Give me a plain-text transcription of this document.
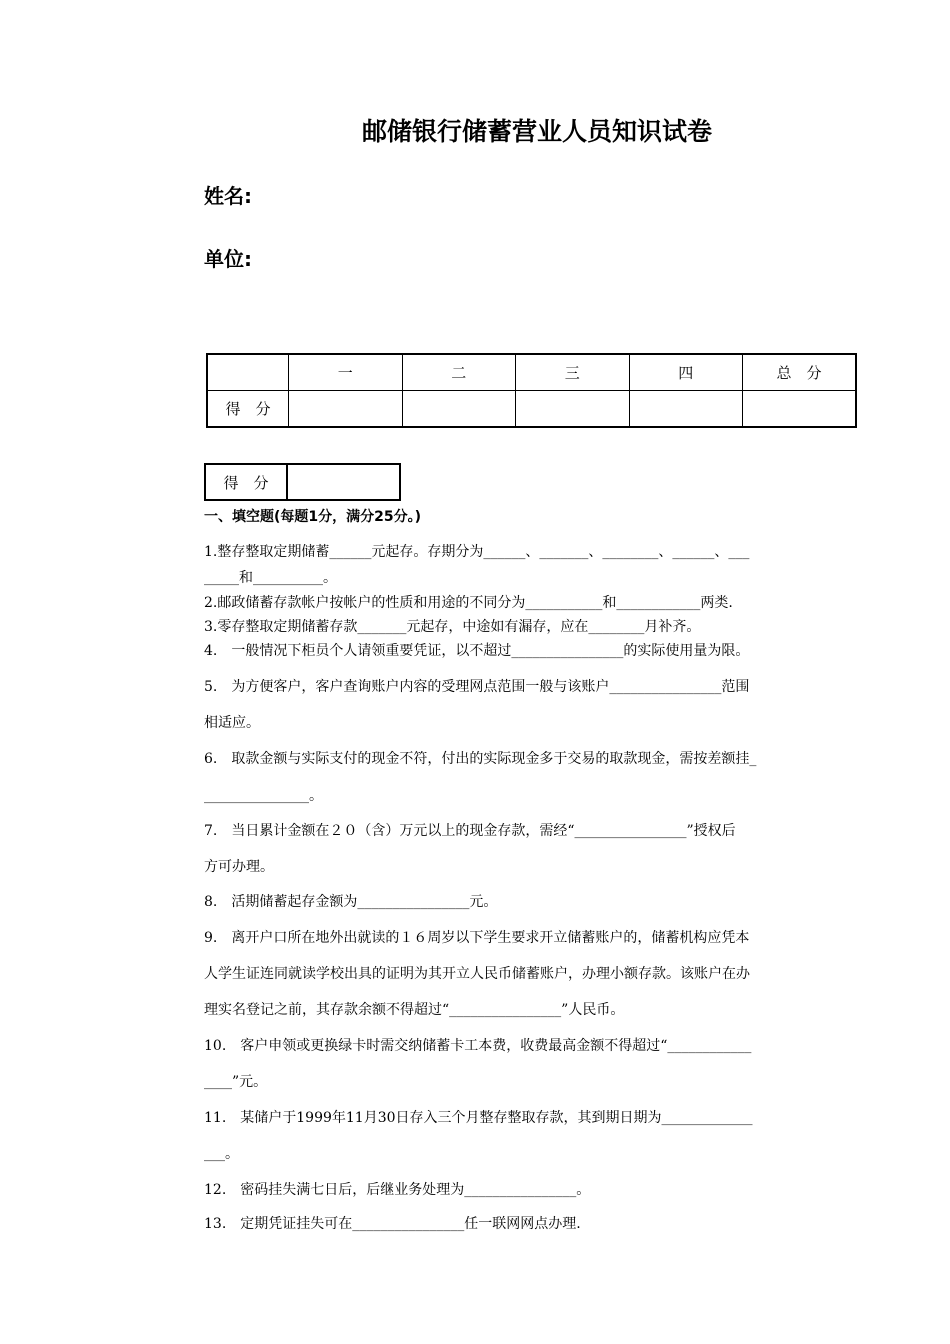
邮储银行储蓄营业人员知识试卷
姓名:
单位:
	一	二	三	四	总　分
得　分					
得　分	
一、填空题(每题1分，满分25分。)
1.整存整取定期储蓄______元起存。存期分为______、_______、________、______、___
_____和__________。
2.邮政储蓄存款帐户按帐户的性质和用途的不同分为___________和____________两类.
3.零存整取定期储蓄存款_______元起存，中途如有漏存，应在________月补齐。
4.　一般情况下柜员个人请领重要凭证，以不超过________________的实际使用量为限。
5.　为方便客户，客户查询账户内容的受理网点范围一般与该账户________________范围
相适应。
6.　取款金额与实际支付的现金不符，付出的实际现金多于交易的取款现金，需按差额挂_
_______________。
7.　当日累计金额在２０（含）万元以上的现金存款，需经“________________”授权后
方可办理。
8.　活期储蓄起存金额为________________元。
9.　离开户口所在地外出就读的１６周岁以下学生要求开立储蓄账户的，储蓄机构应凭本
人学生证连同就读学校出具的证明为其开立人民币储蓄账户，办理小额存款。该账户在办
理实名登记之前，其存款余额不得超过“________________”人民币。
10.　客户申领或更换绿卡时需交纳储蓄卡工本费，收费最高金额不得超过“____________
____”元。
11.　某储户于1999年11月30日存入三个月整存整取存款，其到期日期为_____________
___。
12.　密码挂失满七日后，后继业务处理为________________。
13.　定期凭证挂失可在________________任一联网网点办理.
